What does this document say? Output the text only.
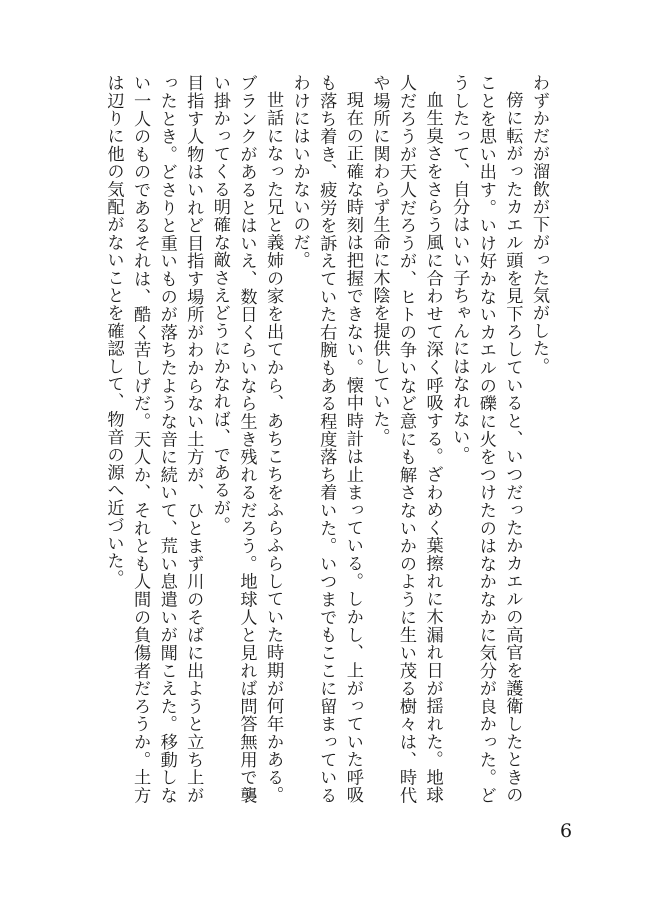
わずかだが溜飲が下がった気がした。

傍に転がったカエル頭を見下ろしていると、いつだったかカエルの高官を護衛したときのことを思い出す。いけ好かないカエルの礫に火をつけたのはなかなかに気分が良かった。どうしたって、自分はいい子ちゃんにはなれない。

血生臭さをさらう風に合わせて深く呼吸する。ざわめく葉擦れに木漏れ日が揺れた。地球人だろうが天人だろうが、ヒトの争いなど意にも解さないかのように生い茂る樹々は、時代や場所に関わらず生命に木陰を提供していた。

現在の正確な時刻は把握できない。懐中時計は止まっている。しかし、上がっていた呼吸も落ち着き、疲労を訴えていた右腕もある程度落ち着いた。いつまでもここに留まっているわけにはいかないのだ。

世話になった兄と義姉の家を出てから、あちこちをふらふらしていた時期が何年かある。ブランクがあるとはいえ、数日くらいなら生き残れるだろう。地球人と見れば問答無用で襲い掛かってくる明確な敵さえどうにかなれば、であるが。

目指す人物はいれど目指す場所がわからない土方が、ひとまず川のそばに出ようと立ち上がったとき。どさりと重いものが落ちたような音に続いて、荒い息遣いが聞こえた。移動しない一人のものであるそれは、酷く苦しげだ。天人か、それとも人間の負傷者だろうか。土方は辺りに他の気配がないことを確認して、物音の源へ近づいた。

6
